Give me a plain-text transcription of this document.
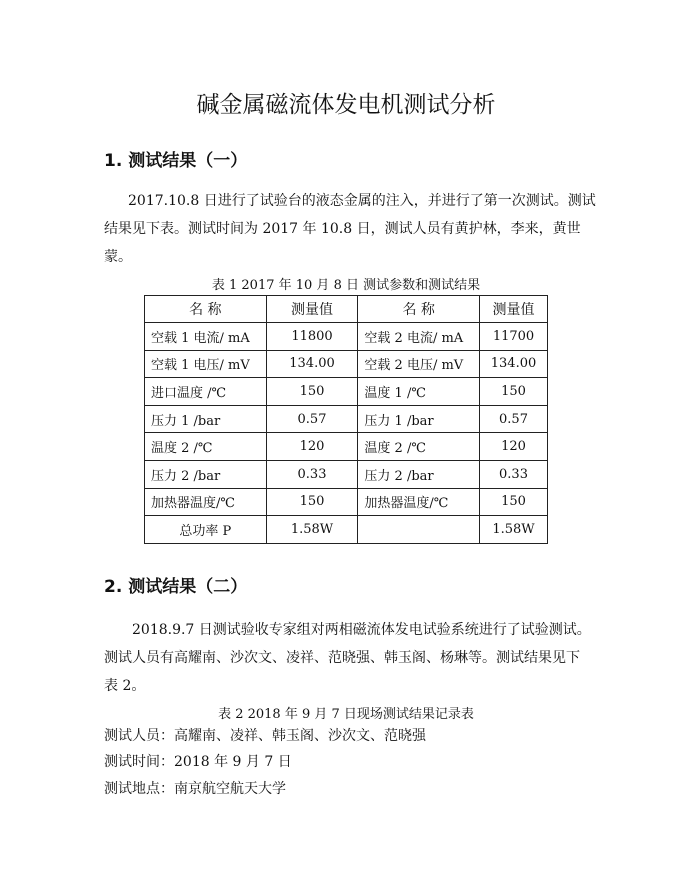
碱金属磁流体发电机测试分析
1. 测试结果（一）
2017.10.8 日进行了试验台的液态金属的注入，并进行了第一次测试。测试
结果见下表。测试时间为 2017 年 10.8 日，测试人员有黄护林，李来，黄世
蒙。
表 1 2017 年 10 月 8 日 测试参数和测试结果
名 称	测量值	名 称	测量值
空载 1 电流/ mA	11800	空载 2 电流/ mA	11700
空载 1 电压/ mV	134.00	空载 2 电压/ mV	134.00
进口温度 /℃	150	温度 1 /℃	150
压力 1 /bar	0.57	压力 1 /bar	0.57
温度 2 /℃	120	温度 2 /℃	120
压力 2 /bar	0.33	压力 2 /bar	0.33
加热器温度/℃	150	加热器温度/℃	150
总功率 P	1.58W		1.58W
2. 测试结果（二）
2018.9.7 日测试验收专家组对两相磁流体发电试验系统进行了试验测试。
测试人员有高耀南、沙次文、凌祥、范晓强、韩玉阁、杨琳等。测试结果见下
表 2。
表 2 2018 年 9 月 7 日现场测试结果记录表
测试人员：高耀南、凌祥、韩玉阁、沙次文、范晓强
测试时间：2018 年 9 月 7 日
测试地点：南京航空航天大学
